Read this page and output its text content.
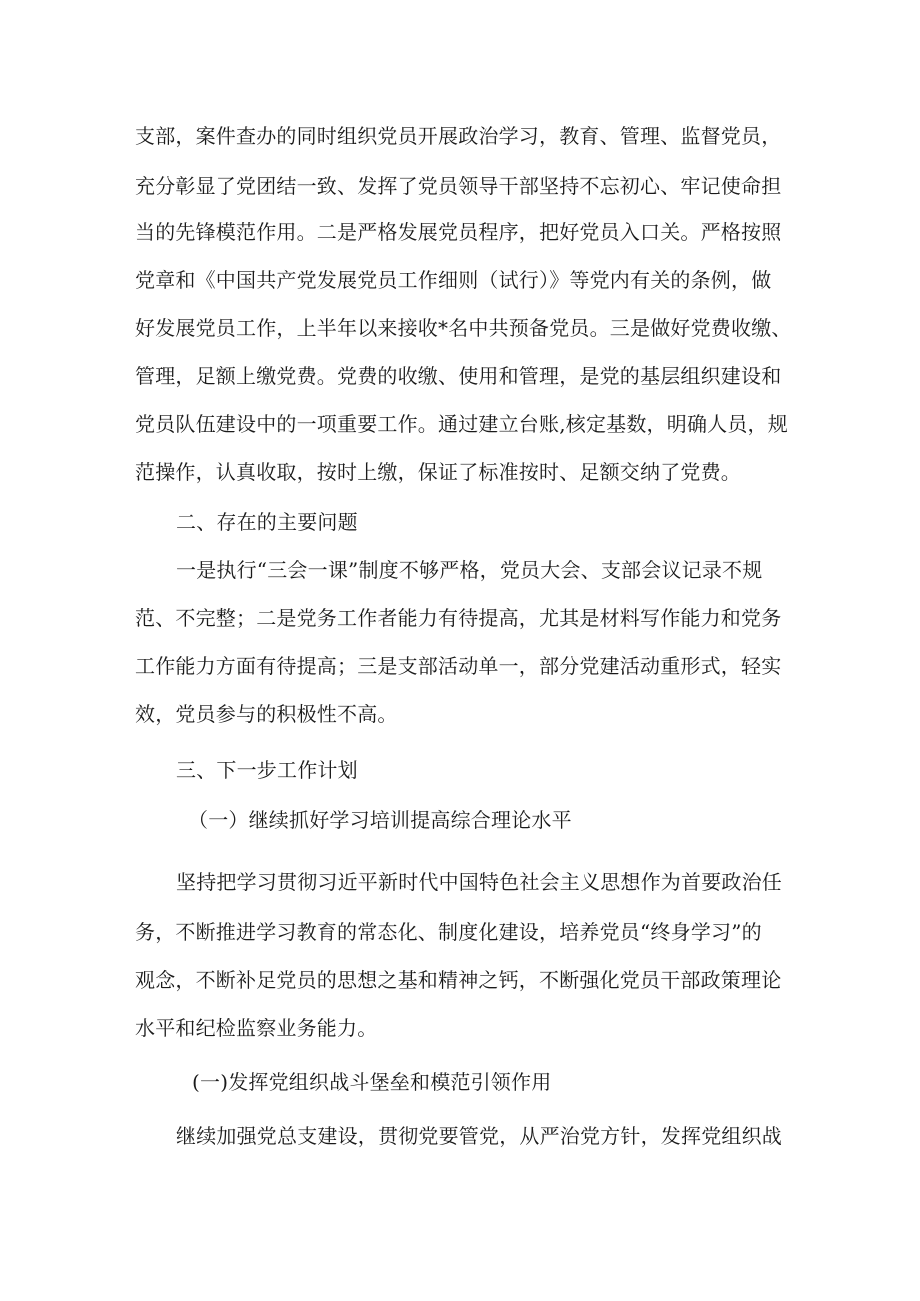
支部，案件查办的同时组织党员开展政治学习，教育、管理、监督党员，
充分彰显了党团结一致、发挥了党员领导干部坚持不忘初心、牢记使命担
当的先锋模范作用。二是严格发展党员程序，把好党员入口关。严格按照
党章和《中国共产党发展党员工作细则（试行）》等党内有关的条例，做
好发展党员工作，上半年以来接收*名中共预备党员。三是做好党费收缴、
管理，足额上缴党费。党费的收缴、使用和管理，是党的基层组织建设和
党员队伍建设中的一项重要工作。通过建立台账,核定基数，明确人员，规
范操作，认真收取，按时上缴，保证了标准按时、足额交纳了党费。
二、存在的主要问题
一是执行“三会一课”制度不够严格，党员大会、支部会议记录不规
范、不完整；二是党务工作者能力有待提高，尤其是材料写作能力和党务
工作能力方面有待提高；三是支部活动单一，部分党建活动重形式，轻实
效，党员参与的积极性不高。
三、下一步工作计划
（一）继续抓好学习培训提高综合理论水平
坚持把学习贯彻习近平新时代中国特色社会主义思想作为首要政治任
务，不断推进学习教育的常态化、制度化建设，培养党员“终身学习”的
观念，不断补足党员的思想之基和精神之钙，不断强化党员干部政策理论
水平和纪检监察业务能力。
(一)发挥党组织战斗堡垒和模范引领作用
继续加强党总支建设，贯彻党要管党，从严治党方针，发挥党组织战
